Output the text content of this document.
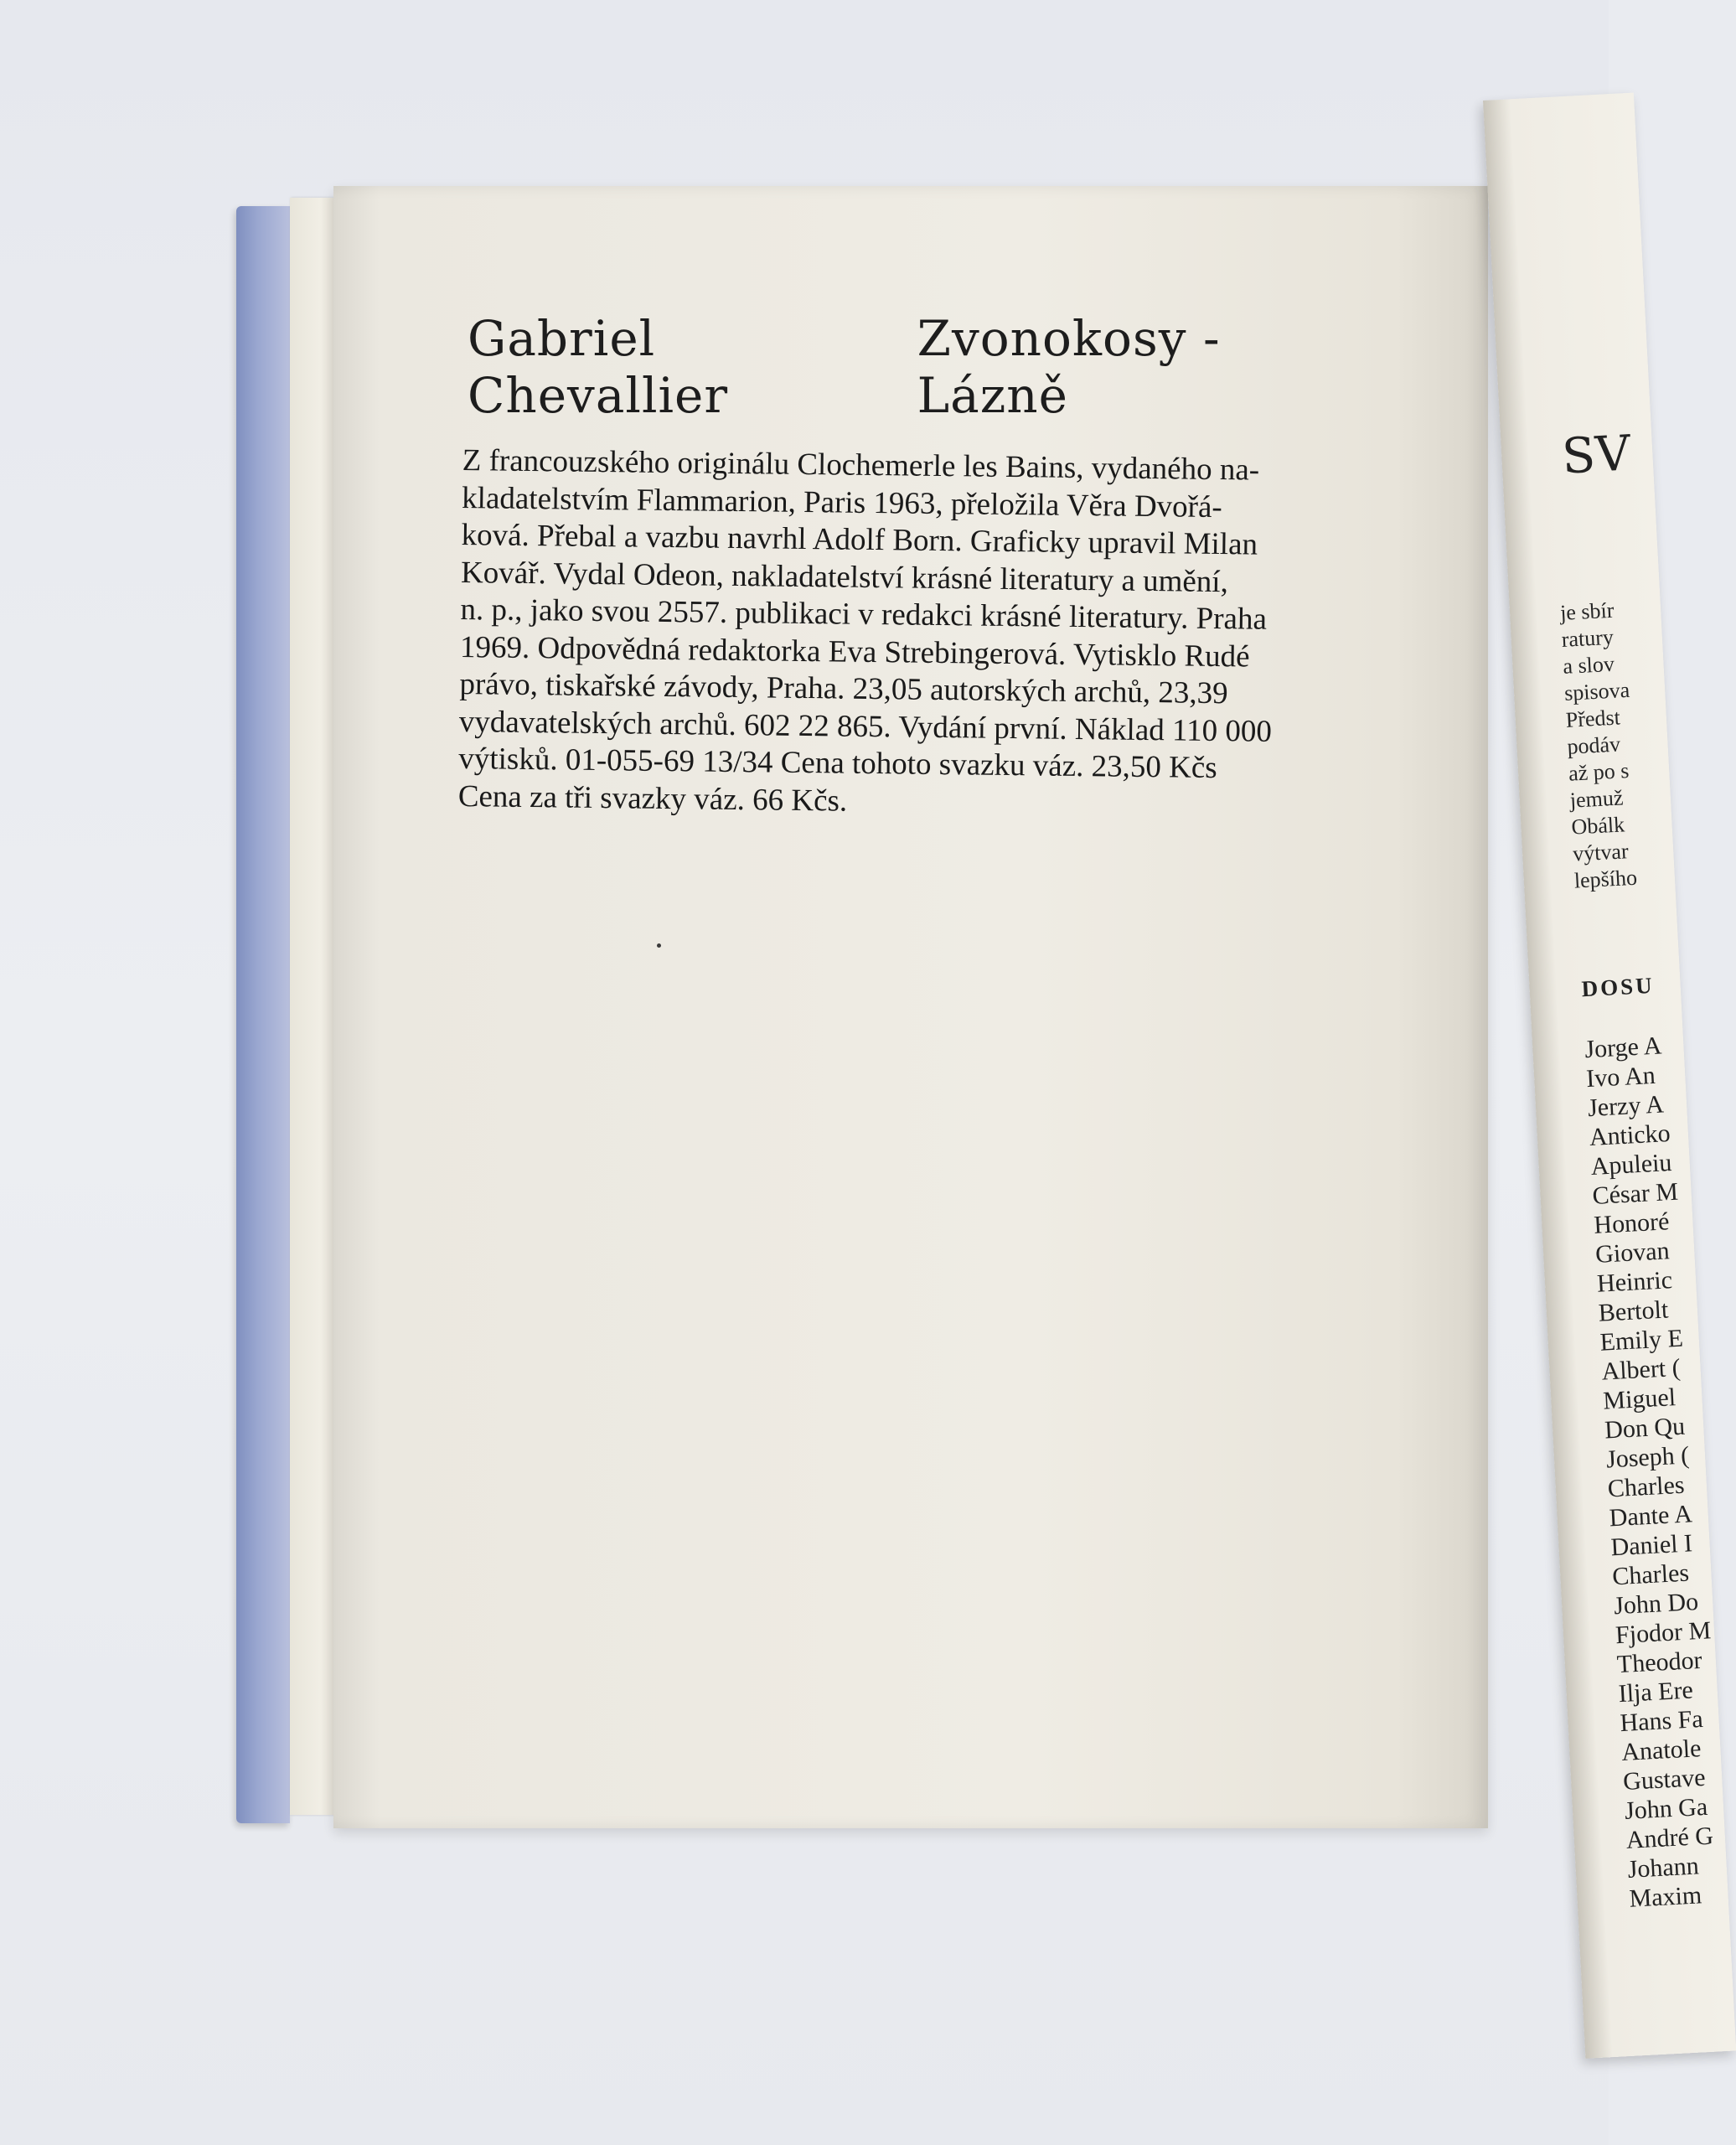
Gabriel Chevallier
Zvonokosy - Lázně

Z francouzského originálu Clochemerle les Bains, vydaného na-

kladatelstvím Flammarion, Paris 1963, přeložila Věra Dvořá-

ková. Přebal a vazbu navrhl Adolf Born. Graficky upravil Milan

Kovář. Vydal Odeon, nakladatelství krásné literatury a umění,

n. p., jako svou 2557. publikaci v redakci krásné literatury. Praha

1969. Odpovědná redaktorka Eva Strebingerová. Vytisklo Rudé

právo, tiskařské závody, Praha. 23,05 autorských archů, 23,39

vydavatelských archů. 602 22 865. Vydání první. Náklad 110 000

výtisků. 01-055-69 13/34 Cena tohoto svazku váz. 23,50 Kčs

Cena za tři svazky váz. 66 Kčs.

SV
je sbír
ratury
a slov
spisova
Předst
podáv
až po s
jemuž
Obálk
výtvar
lepšího
DOSU
Jorge A
Ivo An
Jerzy A
Anticko
Apuleiu
César M
Honoré
Giovan
Heinric
Bertolt
Emily E
Albert (
Miguel
Don Qu
Joseph (
Charles
Dante A
Daniel I
Charles
John Do
Fjodor M
Theodor
Ilja Ere
Hans Fa
Anatole
Gustave
John Ga
André G
Johann
Maxim
